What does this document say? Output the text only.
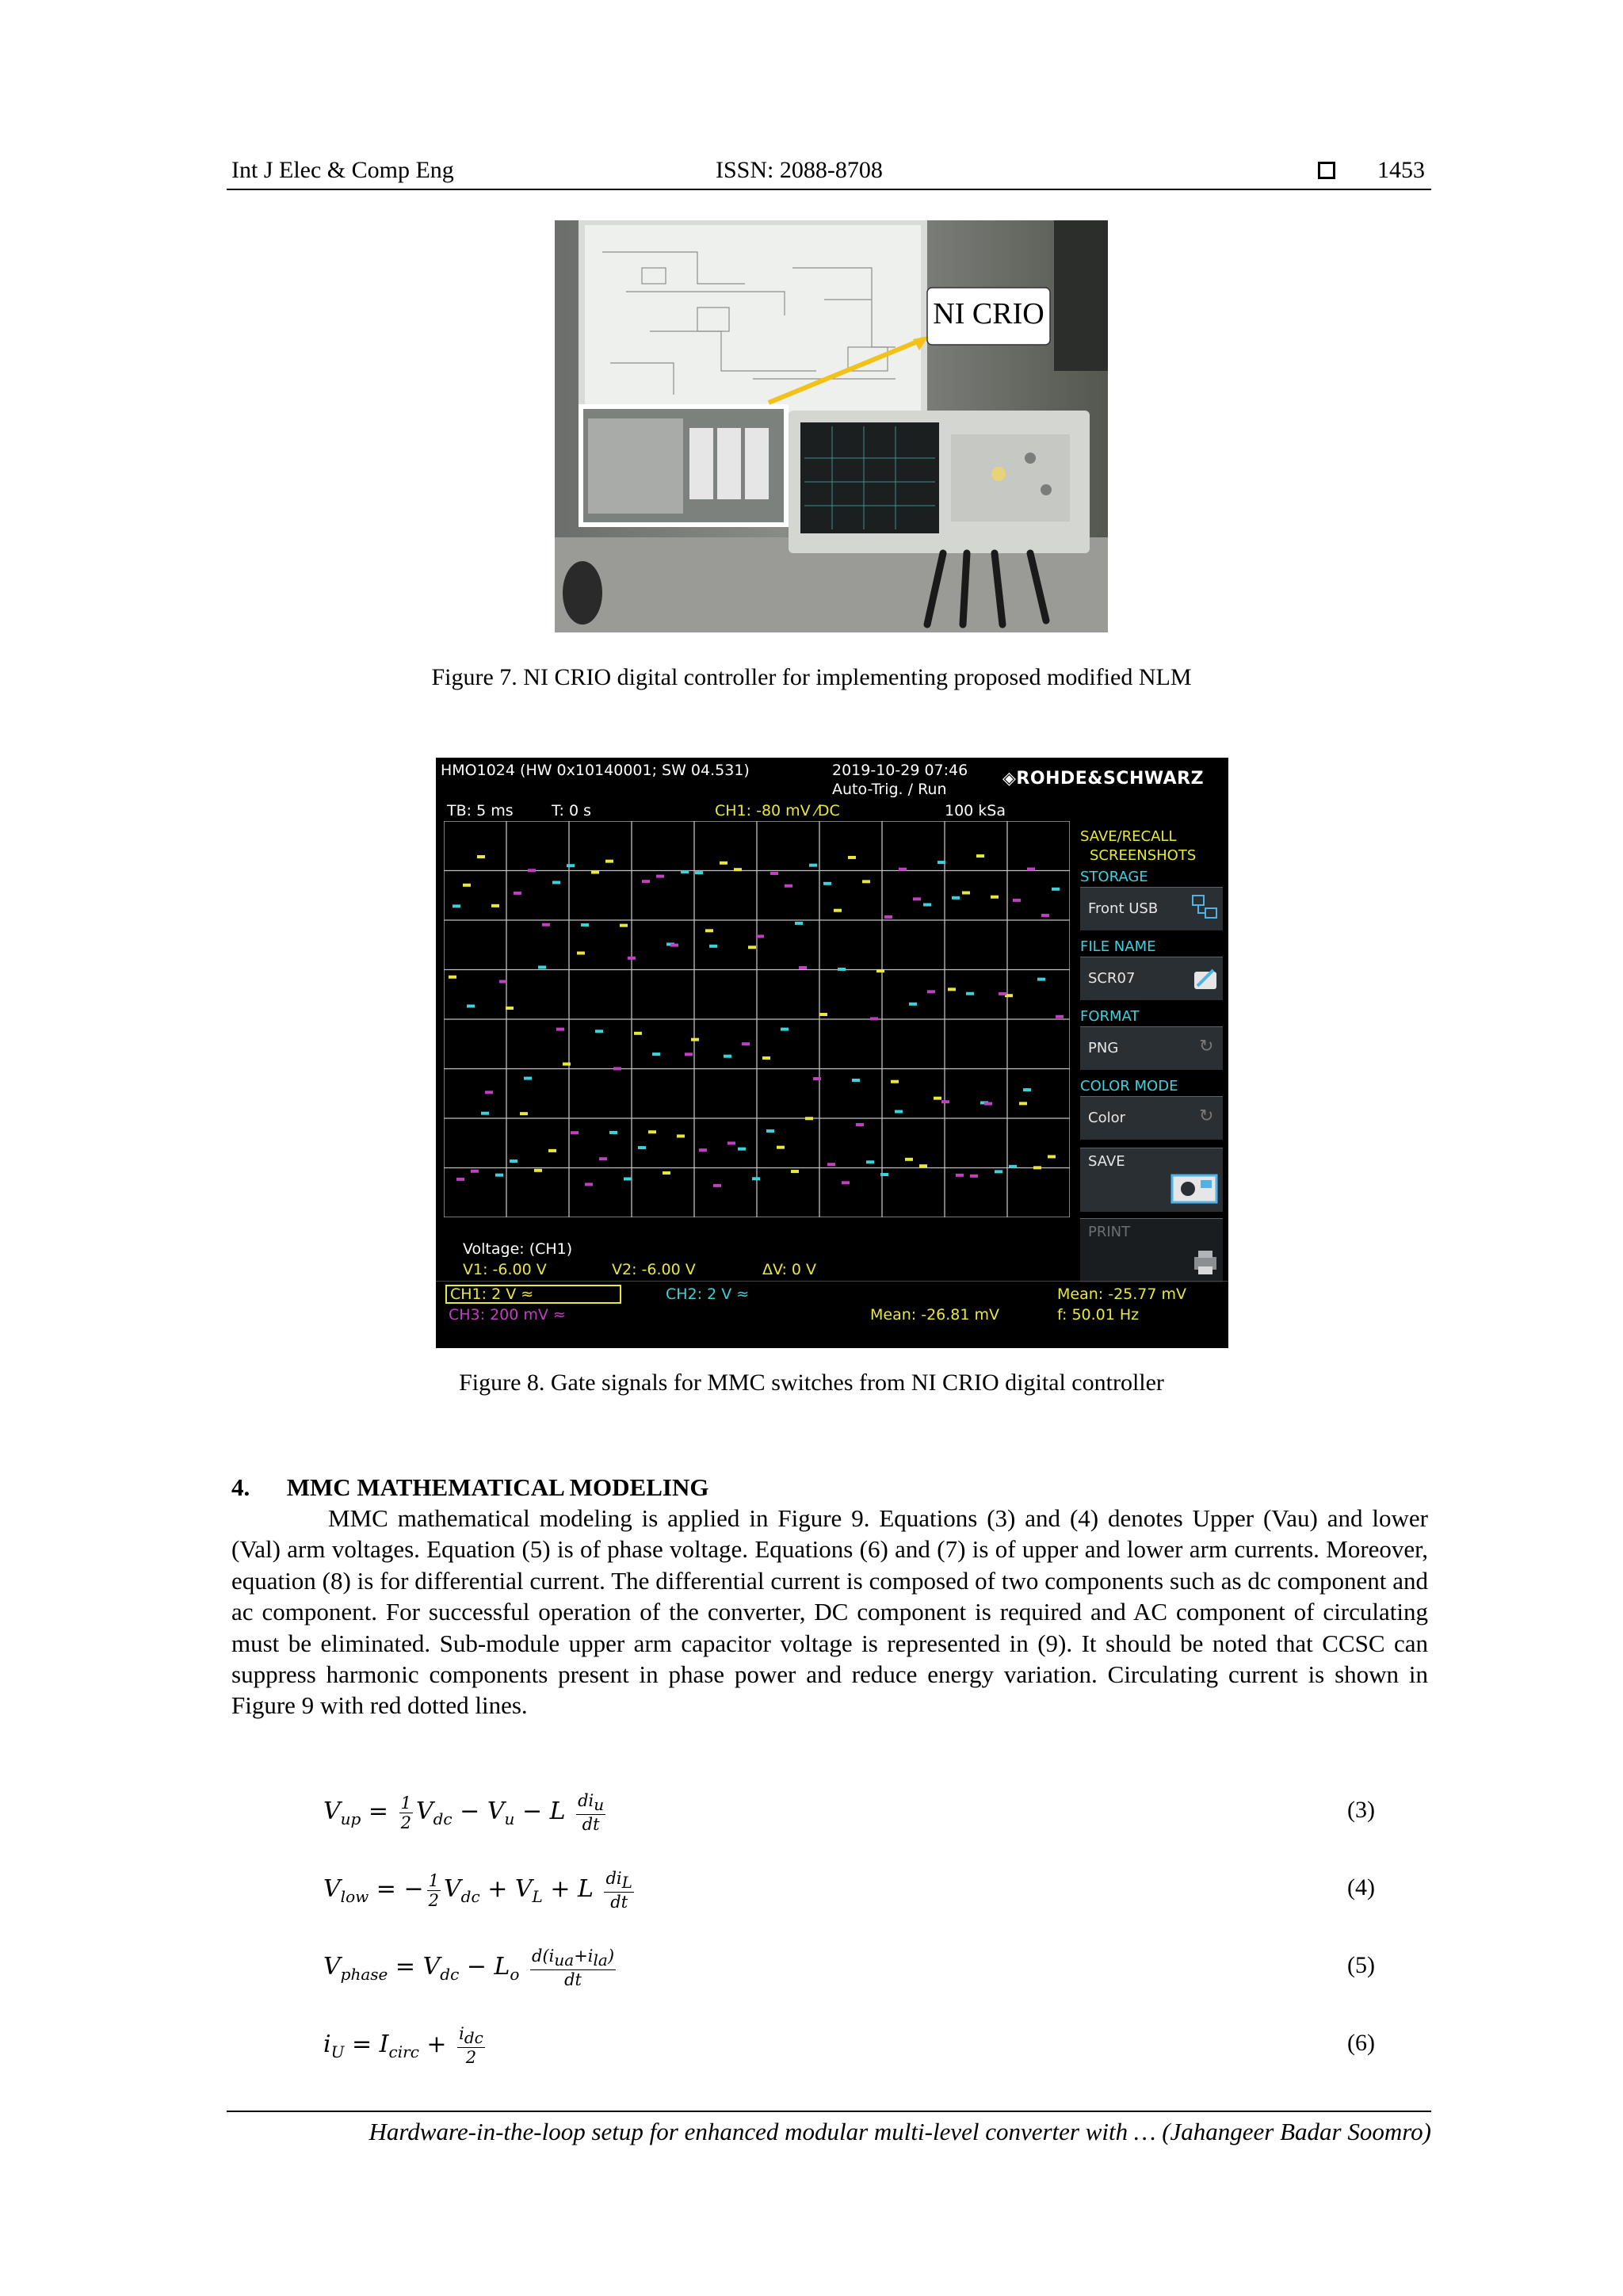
Int J Elec & Comp Eng	ISSN: 2088-8708	1453
NI CRIO
Figure 7. NI CRIO digital controller for implementing proposed modified NLM
HMO1024 (HW 0x10140001; SW 04.531)	2019-10-29 07:46
Auto-Trig. / Run
◈ROHDE&SCHWARZ
TB: 5 ms	T: 0 s	CH1: -80 mV ⁄DC	100 kSa
SAVE/RECALL
SCREENSHOTS
STORAGE
Front USB
FILE NAME
SCR07
FORMAT
PNG	↻
COLOR MODE
Color	↻
SAVE
PRINT
Voltage: (CH1)
V1: -6.00 V	V2: -6.00 V	ΔV: 0 V
CH1: 2 V ≈	CH2: 2 V ≈
CH3: 200 mV ≈
Mean: -25.77 mV
Mean: -26.81 mV	f: 50.01 Hz
Figure 8. Gate signals for MMC switches from NI CRIO digital controller
4.      MMC MATHEMATICAL MODELING

MMC mathematical modeling is applied in Figure 9. Equations (3) and (4) denotes Upper (Vau) and lower (Val) arm voltages. Equation (5) is of phase voltage. Equations (6) and (7) is of upper and lower arm currents. Moreover, equation (8) is for differential current. The differential current is composed of two components such as dc component and ac component. For successful operation of the converter, DC component is required and AC component of circulating must be eliminated. Sub-module upper arm capacitor voltage is represented in (9). It should be noted that CCSC can suppress harmonic components present in phase power and reduce energy variation. Circulating current is shown in Figure 9 with red dotted lines.

$V_{up} = \frac{1}{2} V_{dc} - V_u - L \frac{di_u}{dt}$	(3)
$V_{low}$ = − $\frac{1}{2} V_{dc} + V_L + L \frac{di_L}{dt}$	(4)
$V_{phase} = V_{dc} - L_o \frac{d(i_{ua}+i_{la})}{dt}$	(5)
$i_U = I_{circ} + \frac{i_{dc}}{2}$	(6)
Hardware-in-the-loop setup for enhanced modular multi-level converter with … (Jahangeer Badar Soomro)
